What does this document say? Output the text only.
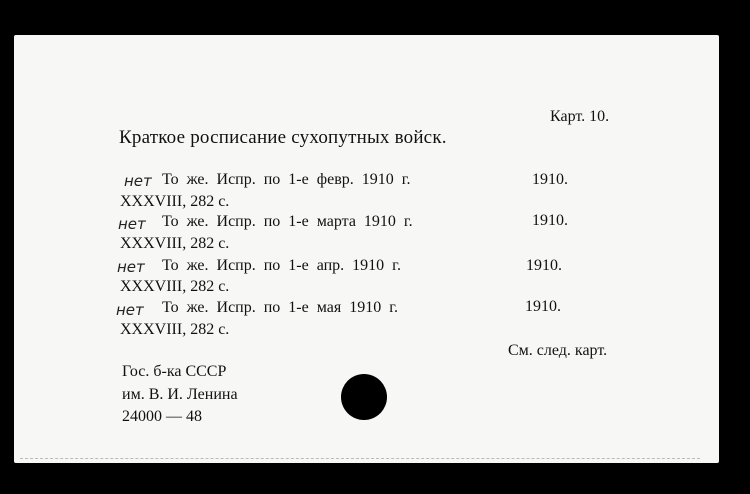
Карт. 10.
Краткое росписание сухопутных войск.
нет То же. Испр. по 1-е февр. 1910 г.	1910.
XXXVIII, 282 с.
нет То же. Испр. по 1-е марта 1910 г.	1910.
XXXVIII, 282 с.
нет То же. Испр. по 1-е апр. 1910 г.	1910.
XXXVIII, 282 с.
нет То же. Испр. по 1-е мая 1910 г.	1910.
XXXVIII, 282 с.
См. след. карт.
Гос. б-ка СССР
им. В. И. Ленина
24000 — 48
